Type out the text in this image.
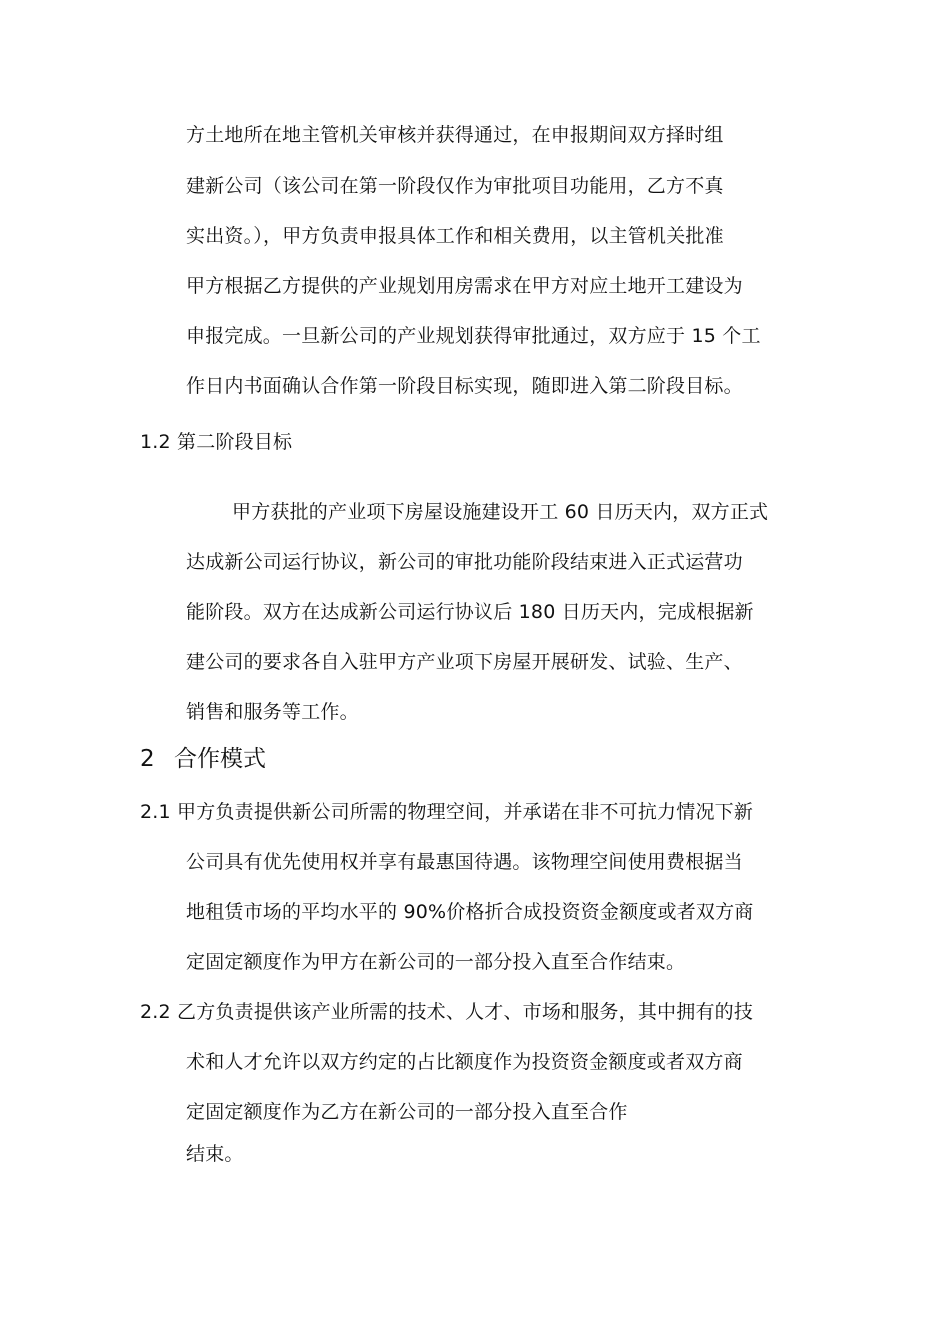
方土地所在地主管机关审核并获得通过，在申报期间双方择时组
建新公司（该公司在第一阶段仅作为审批项目功能用，乙方不真
实出资。），甲方负责申报具体工作和相关费用，以主管机关批准
甲方根据乙方提供的产业规划用房需求在甲方对应土地开工建设为
申报完成。一旦新公司的产业规划获得审批通过，双方应于 15 个工
作日内书面确认合作第一阶段目标实现，随即进入第二阶段目标。
1.2 第二阶段目标
甲方获批的产业项下房屋设施建设开工 60 日历天内，双方正式
达成新公司运行协议，新公司的审批功能阶段结束进入正式运营功
能阶段。双方在达成新公司运行协议后 180 日历天内，完成根据新
建公司的要求各自入驻甲方产业项下房屋开展研发、试验、生产、
销售和服务等工作。
2 合作模式
2.1 甲方负责提供新公司所需的物理空间，并承诺在非不可抗力情况下新
公司具有优先使用权并享有最惠国待遇。该物理空间使用费根据当
地租赁市场的平均水平的 90%价格折合成投资资金额度或者双方商
定固定额度作为甲方在新公司的一部分投入直至合作结束。
2.2 乙方负责提供该产业所需的技术、人才、市场和服务，其中拥有的技
术和人才允许以双方约定的占比额度作为投资资金额度或者双方商
定固定额度作为乙方在新公司的一部分投入直至合作
结束。
